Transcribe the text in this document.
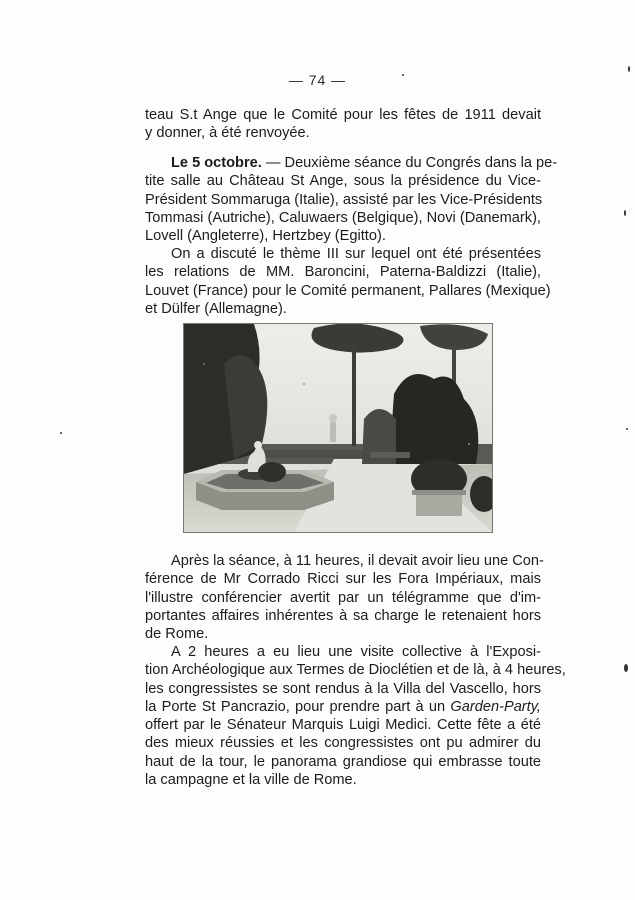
— 74 —
teau S.t Ange que le Comité pour les fêtes de 1911 devait
y donner, à été renvoyée.
Le 5 octobre. — Deuxième séance du Congrés dans la pe-
tite salle au Château St Ange, sous la présidence du Vice-
Président Sommaruga (Italie), assisté par les Vice-Présidents
Tommasi (Autriche), Caluwaers (Belgique), Novi (Danemark),
Lovell (Angleterre), Hertzbey (Egitto).
On a discuté le thème III sur lequel ont été présentées
les relations de MM. Baroncini, Paterna-Baldizzi (Italie),
Louvet (France) pour le Comité permanent, Pallares (Mexique)
et Dülfer (Allemagne).
Après la séance, à 11 heures, il devait avoir lieu une Con-
férence de Mr Corrado Ricci sur les Fora Impériaux, mais
l'illustre conférencier avertit par un télégramme que d'im-
portantes affaires inhérentes à sa charge le retenaient hors
de Rome.
A 2 heures a eu lieu une visite collective à l'Exposi-
tion Archéologique aux Termes de Dioclétien et de là, à 4 heures,
les congressistes se sont rendus à la Villa del Vascello, hors
la Porte St Pancrazio, pour prendre part à un Garden-Party,
offert par le Sénateur Marquis Luigi Medici. Cette fête a été
des mieux réussies et les congressistes ont pu admirer du
haut de la tour, le panorama grandiose qui embrasse toute
la campagne et la ville de Rome.
